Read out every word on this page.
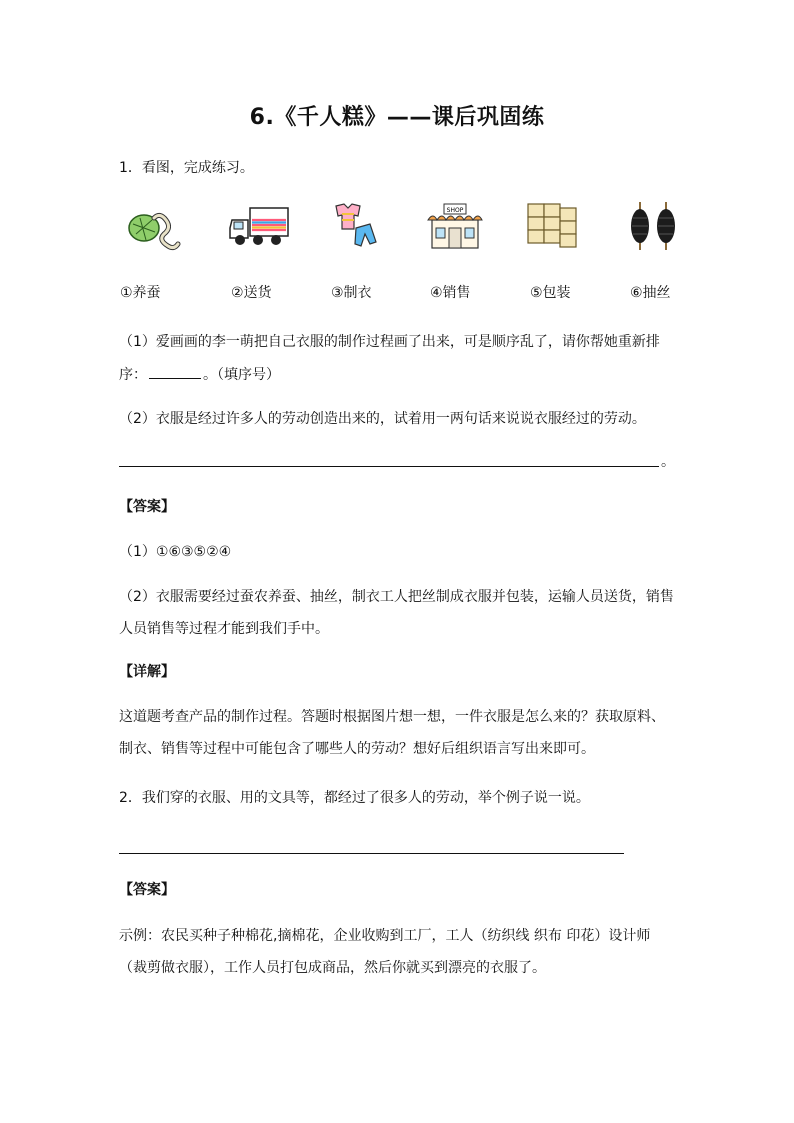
6.《千人糕》——课后巩固练
1．看图，完成练习。
SHOP
①养蚕	②送货	③制衣	④销售	⑤包装	⑥抽丝
（1）爱画画的李一萌把自己衣服的制作过程画了出来，可是顺序乱了，请你帮她重新排
序：	。（填序号）
（2）衣服是经过许多人的劳动创造出来的，试着用一两句话来说说衣服经过的劳动。
。
【答案】
（1）①⑥③⑤②④
（2）衣服需要经过蚕农养蚕、抽丝，制衣工人把丝制成衣服并包装，运输人员送货，销售
人员销售等过程才能到我们手中。
【详解】
这道题考查产品的制作过程。答题时根据图片想一想，一件衣服是怎么来的？获取原料、
制衣、销售等过程中可能包含了哪些人的劳动？想好后组织语言写出来即可。
2．我们穿的衣服、用的文具等，都经过了很多人的劳动，举个例子说一说。
【答案】
示例：农民买种子种棉花,摘棉花，企业收购到工厂，工人（纺织线 织布 印花）设计师
（裁剪做衣服），工作人员打包成商品，然后你就买到漂亮的衣服了。
